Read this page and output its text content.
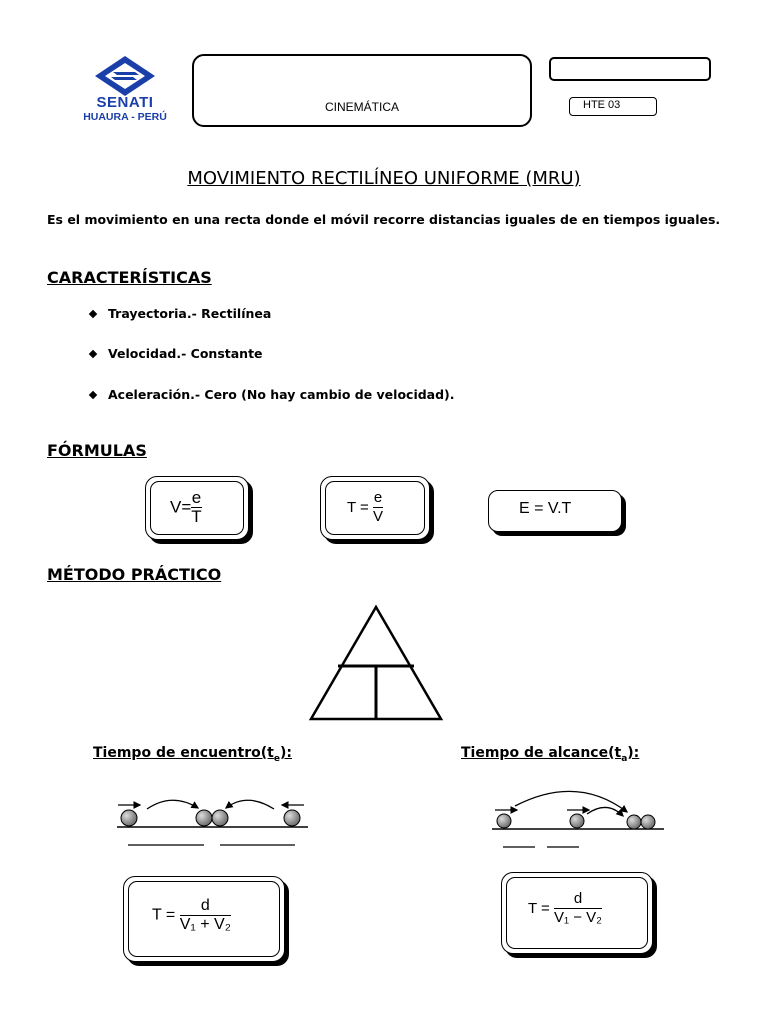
SENATI
HUAURA - PERÚ
CINEMÁTICA	HTE 03
MOVIMIENTO RECTILÍNEO UNIFORME (MRU)
Es el movimiento en una recta donde el móvil recorre distancias iguales de en tiempos iguales.
CARACTERÍSTICAS
Trayectoria.- Rectilínea
Velocidad.- Constante
Aceleración.- Cero (No hay cambio de velocidad).
FÓRMULAS
$V= \frac{e}{T}$	$T = \frac{e}{V}$	E = V.T
MÉTODO PRÁCTICO
Tiempo de $encuentro(t_e)$:
$T = \frac{d}{\text{V₁ + V₂}}$
Tiempo de $alcance(t_a)$:
$T = \frac{d}{\text{V₁ − V₂}}$
